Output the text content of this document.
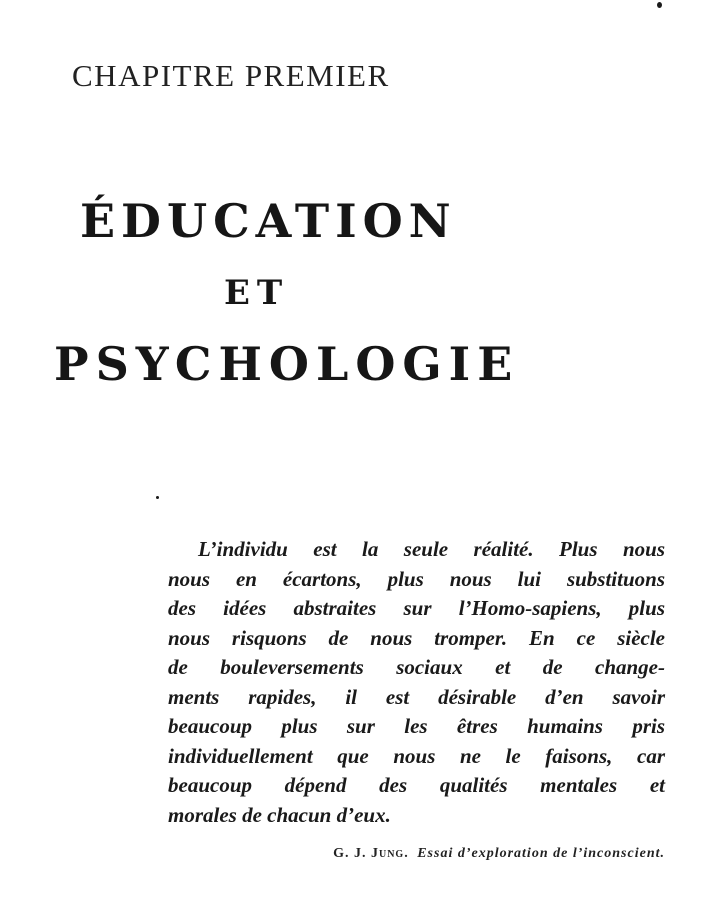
CHAPITRE PREMIER
ÉDUCATION
ET
PSYCHOLOGIE
L’individu est la seule réalité. Plus nous
nous en écartons, plus nous lui substituons
des idées abstraites sur l’Homo-sapiens, plus
nous risquons de nous tromper. En ce siècle
de bouleversements sociaux et de change-
ments rapides, il est désirable d’en savoir
beaucoup plus sur les êtres humains pris
individuellement que nous ne le faisons, car
beaucoup dépend des qualités mentales et
morales de chacun d’eux.
G. J. Jung. Essai d’exploration de l’inconscient.
